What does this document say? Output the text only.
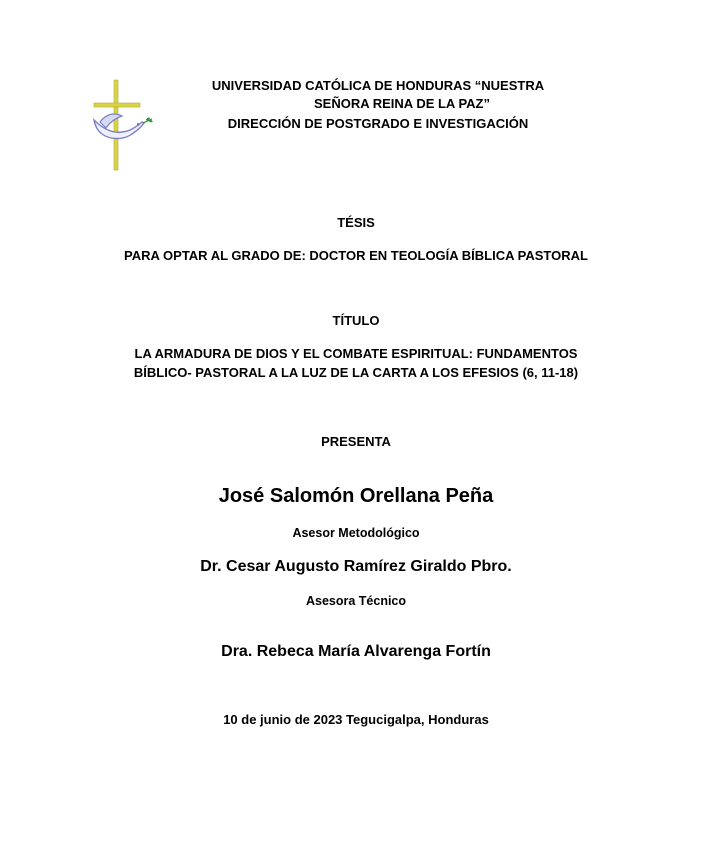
UNIVERSIDAD CATÓLICA DE HONDURAS “NUESTRA
SEÑORA REINA DE LA PAZ”
DIRECCIÓN DE POSTGRADO E INVESTIGACIÓN
TÉSIS
PARA OPTAR AL GRADO DE: DOCTOR EN TEOLOGÍA BÍBLICA PASTORAL
TÍTULO
LA ARMADURA DE DIOS Y EL COMBATE ESPIRITUAL: FUNDAMENTOS
BÍBLICO- PASTORAL A LA LUZ DE LA CARTA A LOS EFESIOS (6, 11-18)
PRESENTA
José Salomón Orellana Peña
Asesor Metodológico
Dr. Cesar Augusto Ramírez Giraldo Pbro.
Asesora Técnico
Dra. Rebeca María Alvarenga Fortín
10 de junio de 2023 Tegucigalpa, Honduras
